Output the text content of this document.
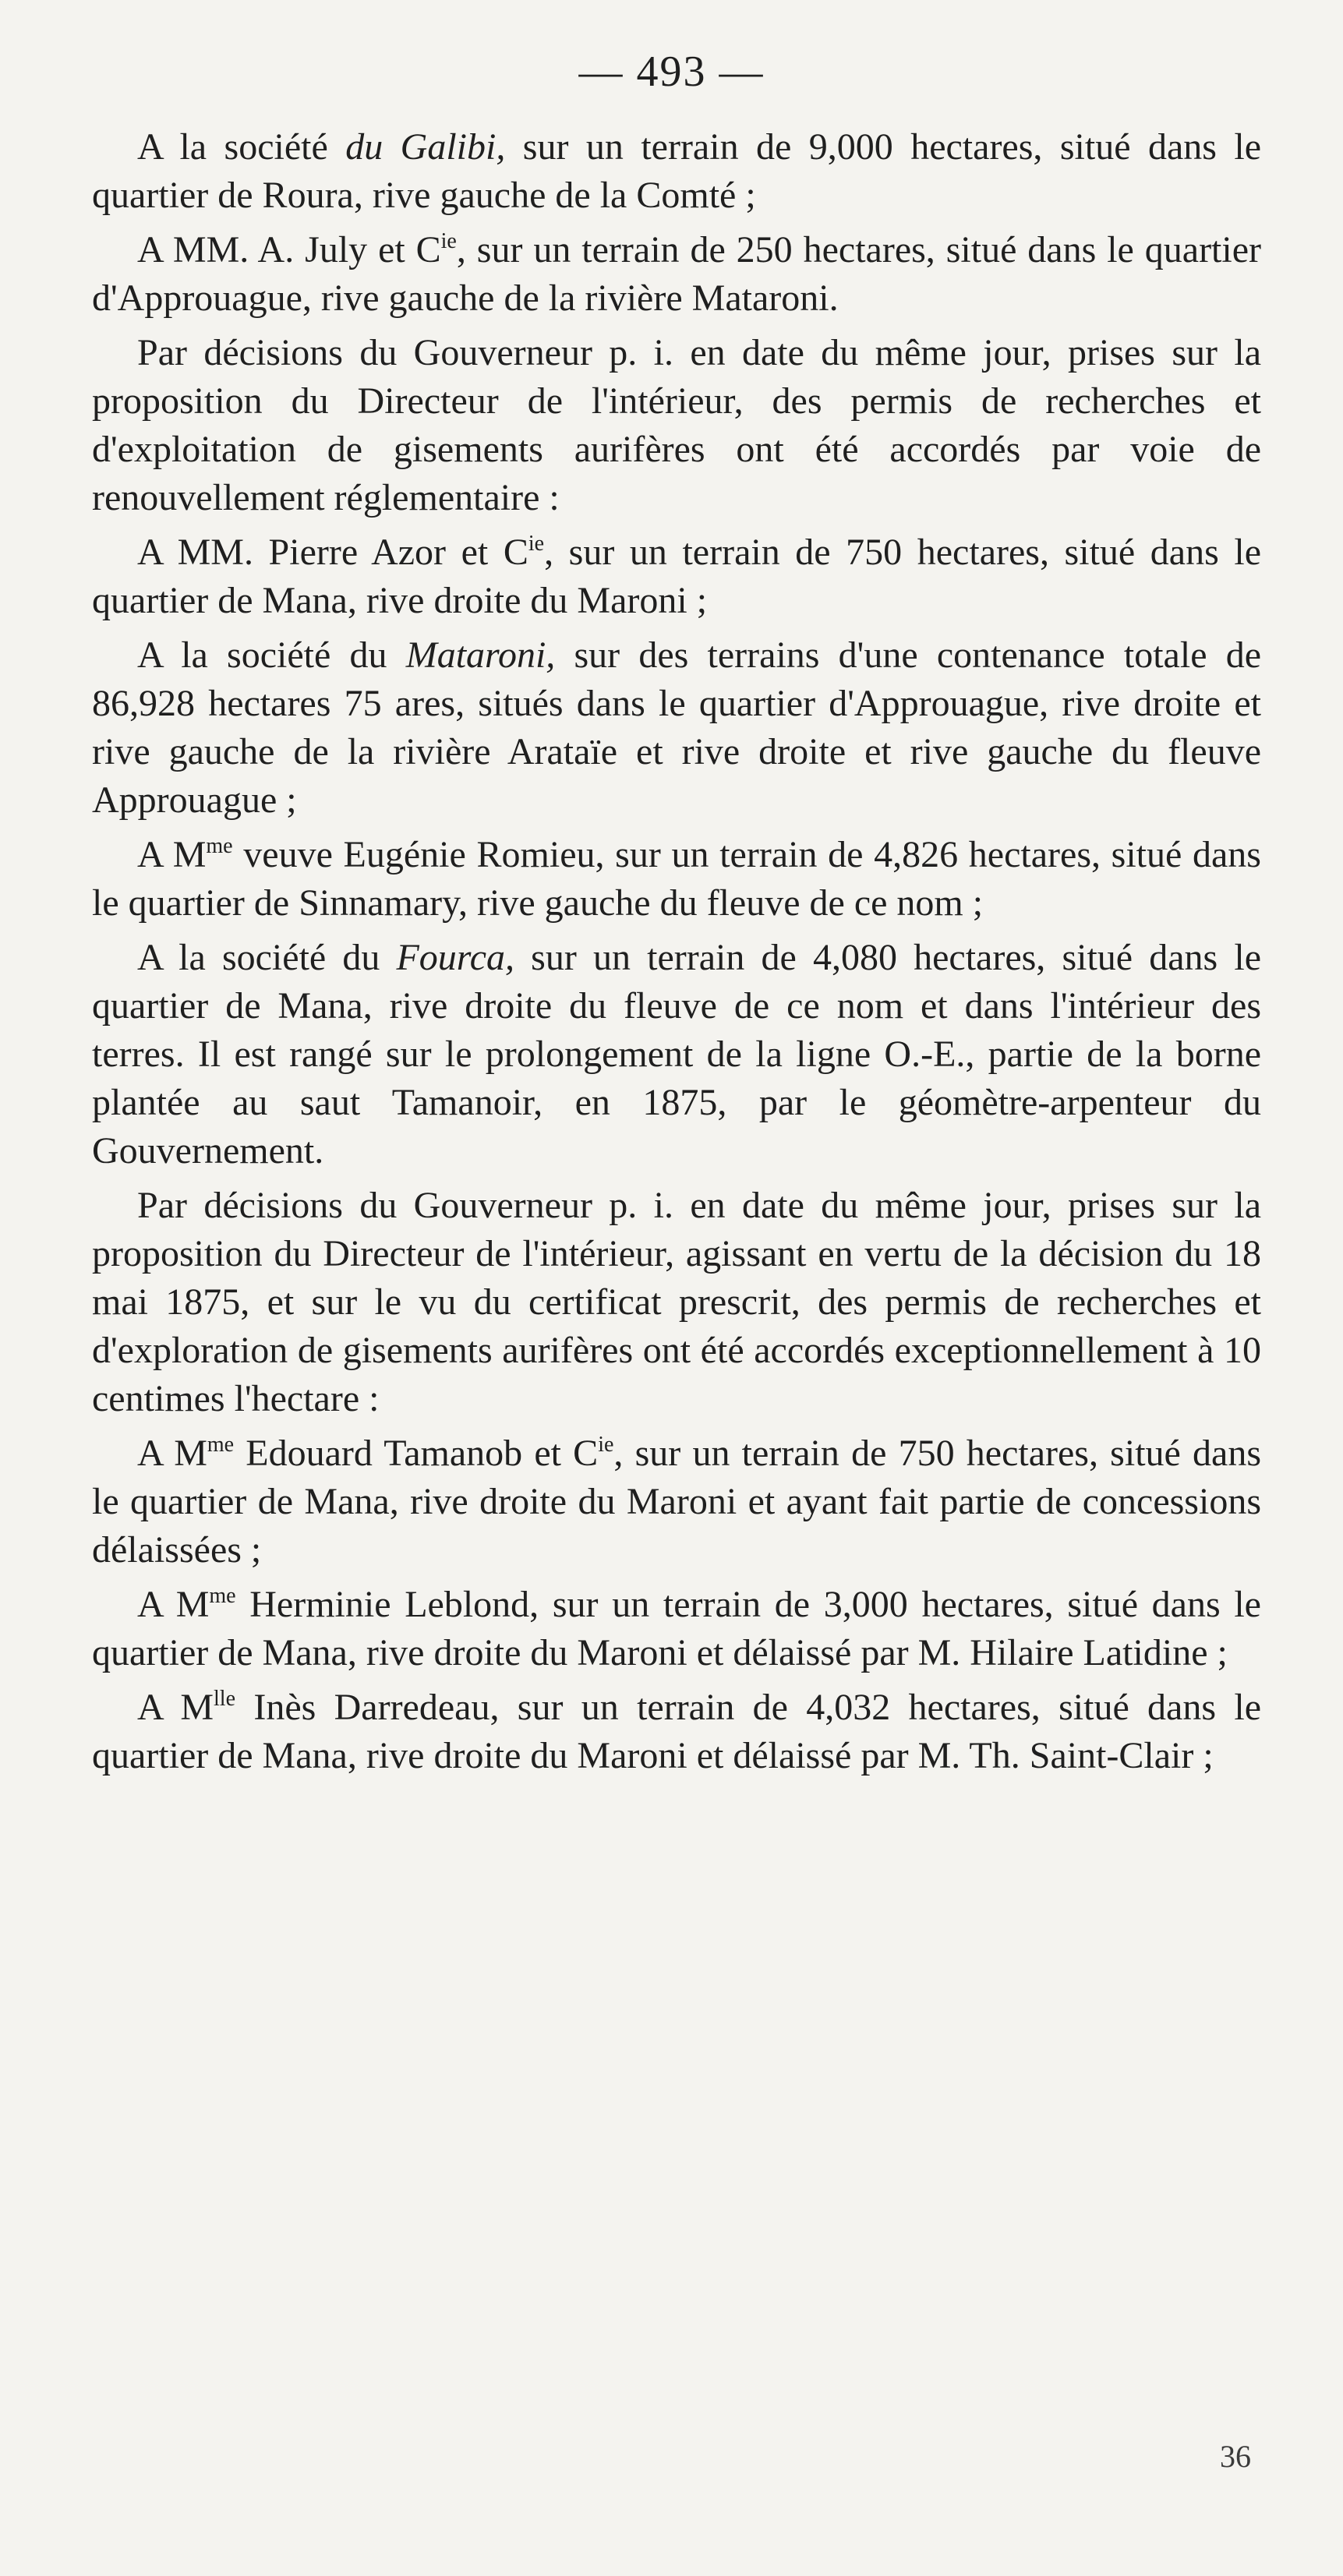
— 493 —

A la société du Galibi, sur un terrain de 9,000 hectares, situé dans le quartier de Roura, rive gauche de la Comté ;

A MM. A. July et $C^{ie}$, sur un terrain de 250 hectares, situé dans le quartier d'Approuague, rive gauche de la rivière Mataroni.

Par décisions du Gouverneur p. i. en date du même jour, prises sur la proposition du Directeur de l'intérieur, des permis de recherches et d'exploitation de gisements aurifères ont été accordés par voie de renouvellement réglementaire :

A MM. Pierre Azor et $C^{ie}$, sur un terrain de 750 hectares, situé dans le quartier de Mana, rive droite du Maroni ;

A la société du Mataroni, sur des terrains d'une contenance totale de 86,928 hectares 75 ares, situés dans le quartier d'Approuague, rive droite et rive gauche de la rivière Arataïe et rive droite et rive gauche du fleuve Approuague ;

A $M^{me}$ veuve Eugénie Romieu, sur un terrain de 4,826 hectares, situé dans le quartier de Sinnamary, rive gauche du fleuve de ce nom ;

A la société du Fourca, sur un terrain de 4,080 hectares, situé dans le quartier de Mana, rive droite du fleuve de ce nom et dans l'intérieur des terres. Il est rangé sur le prolongement de la ligne O.-E., partie de la borne plantée au saut Tamanoir, en 1875, par le géomètre-arpenteur du Gouvernement.

Par décisions du Gouverneur p. i. en date du même jour, prises sur la proposition du Directeur de l'intérieur, agissant en vertu de la décision du 18 mai 1875, et sur le vu du certificat prescrit, des permis de recherches et d'exploration de gisements aurifères ont été accordés exceptionnellement à 10 centimes l'hectare :

A $M^{me}$ Edouard Tamanob et $C^{ie}$, sur un terrain de 750 hectares, situé dans le quartier de Mana, rive droite du Maroni et ayant fait partie de concessions délaissées ;

A $M^{me}$ Herminie Leblond, sur un terrain de 3,000 hectares, situé dans le quartier de Mana, rive droite du Maroni et délaissé par M. Hilaire Latidine ;

A $M^{lle}$ Inès Darredeau, sur un terrain de 4,032 hectares, situé dans le quartier de Mana, rive droite du Maroni et délaissé par M. Th. Saint-Clair ;

36
